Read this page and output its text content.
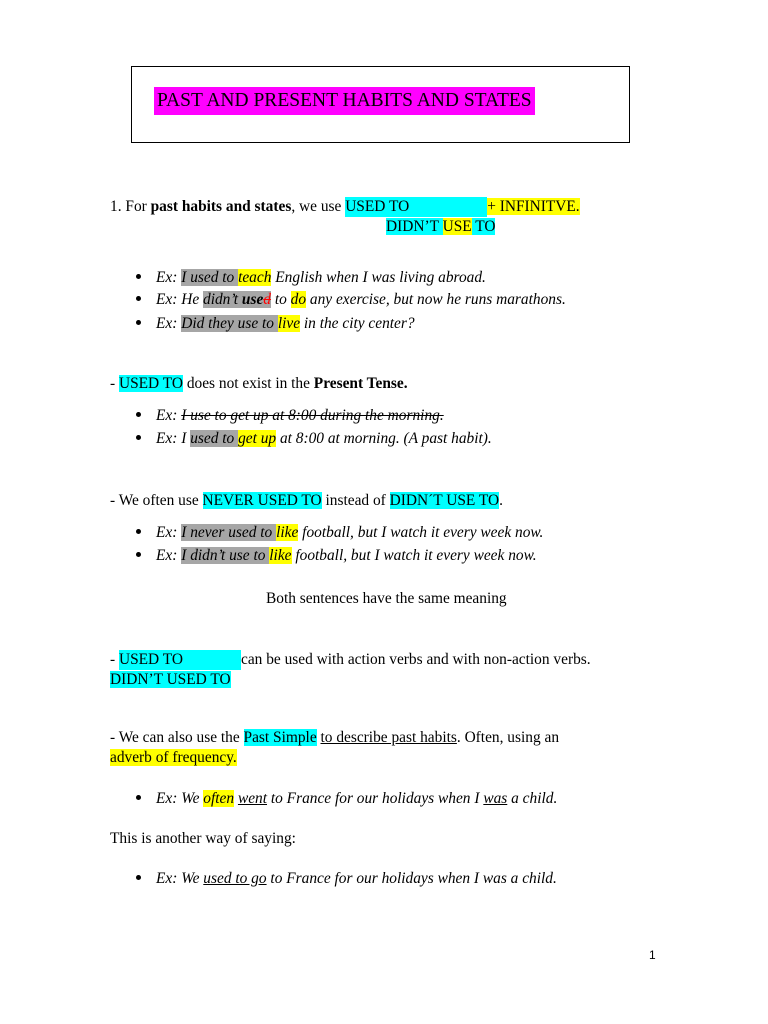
PAST AND PRESENT HABITS AND STATES
1. For past habits and states, we use USED TO	+ INFINITVE.
DIDN’T USE TO
Ex: I used to teach English when I was living abroad.
Ex: He didn’t used to do any exercise, but now he runs marathons.
Ex: Did they use to live in the city center?
- USED TO does not exist in the Present Tense.
Ex: I use to get up at 8:00 during the morning.
Ex: I used to get up at 8:00 at morning. (A past habit).
- We often use NEVER USED TO instead of DIDN´T USE TO.
Ex: I never used to like football, but I watch it every week now.
Ex: I didn’t use to like football, but I watch it every week now.
Both sentences have the same meaning
- USED TO	can be used with action verbs and with non-action verbs.
DIDN’T USED TO
- We can also use the Past Simple to describe past habits. Often, using an
adverb of frequency.
Ex: We often went to France for our holidays when I was a child.
This is another way of saying:
Ex: We used to go to France for our holidays when I was a child.
1
